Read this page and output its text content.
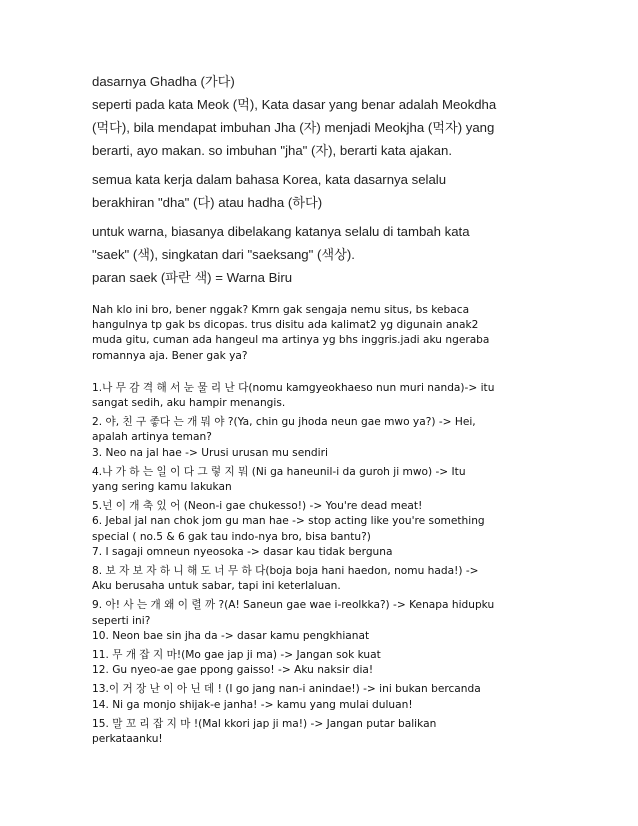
dasarnya Ghadha (가다)
seperti pada kata Meok (먹), Kata dasar yang benar adalah Meokdha
(먹다), bila mendapat imbuhan Jha (자) menjadi Meokjha (먹자) yang
berarti, ayo makan. so imbuhan "jha" (자), berarti kata ajakan.

semua kata kerja dalam bahasa Korea, kata dasarnya selalu
berakhiran "dha" (다) atau hadha (하다)

untuk warna, biasanya dibelakang katanya selalu di tambah kata
"saek" (색), singkatan dari "saeksang" (색상).
paran saek (파란 색) = Warna Biru

Nah klo ini bro, bener nggak? Kmrn gak sengaja nemu situs, bs kebaca
hangulnya tp gak bs dicopas. trus disitu ada kalimat2 yg digunain anak2
muda gitu, cuman ada hangeul ma artinya yg bhs inggris.jadi aku ngeraba
romannya aja. Bener gak ya?
1.나 무 감 격 해 서 눈 물 리 난 다(nomu kamgyeokhaeso nun muri nanda)-> itu
sangat sedih, aku hampir menangis.
2. 야, 친 구 좋다 는 개 뭐 야 ?(Ya, chin gu jhoda neun gae mwo ya?) -> Hei,
apalah artinya teman?
3. Neo na jal hae -> Urusi urusan mu sendiri
4.나 가 하 는 일 이 다 그 렇 지 뭐 (Ni ga haneunil-i da guroh ji mwo) -> Itu
yang sering kamu lakukan
5.넌 이 개 축 있 어 (Neon-i gae chukesso!) -> You're dead meat!
6. Jebal jal nan chok jom gu man hae -> stop acting like you're something
special ( no.5 & 6 gak tau indo-nya bro, bisa bantu?)
7. I sagaji omneun nyeosoka -> dasar kau tidak berguna
8. 보 자 보 자 하 니 해 도 너 무 하 다(boja boja hani haedon, nomu hada!) ->
Aku berusaha untuk sabar, tapi ini keterlaluan.
9. 아! 사 는 개 왜 이 렬 까 ?(A! Saneun gae wae i-reolkka?) -> Kenapa hidupku
seperti ini?
10. Neon bae sin jha da -> dasar kamu pengkhianat
11. 무 개 잡 지 마!(Mo gae jap ji ma) -> Jangan sok kuat
12. Gu nyeo-ae gae ppong gaisso! -> Aku naksir dia!
13.이 거 장 난 이 아 닌 데 ! (I go jang nan-i anindae!) -> ini bukan bercanda
14. Ni ga monjo shijak-e janha! -> kamu yang mulai duluan!
15. 말 꼬 리 잡 지 마 !(Mal kkori jap ji ma!) -> Jangan putar balikan
perkataanku!
